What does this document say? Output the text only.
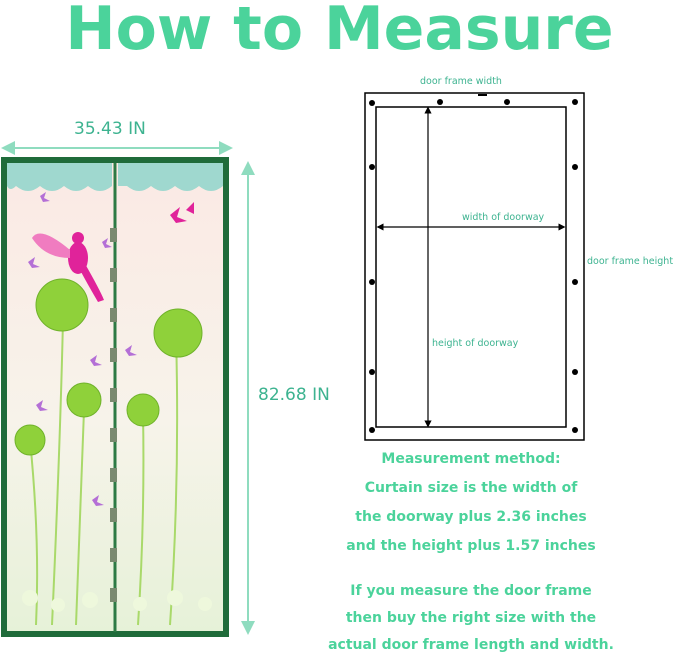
How to Measure
35.43 IN
82.68 IN
door frame width
width of doorway
door frame height
height of doorway
Measurement method:
Curtain size is the width of
the doorway plus 2.36 inches
and the height plus 1.57 inches
If you measure the door frame
then buy the right size with the
actual door frame length and width.
